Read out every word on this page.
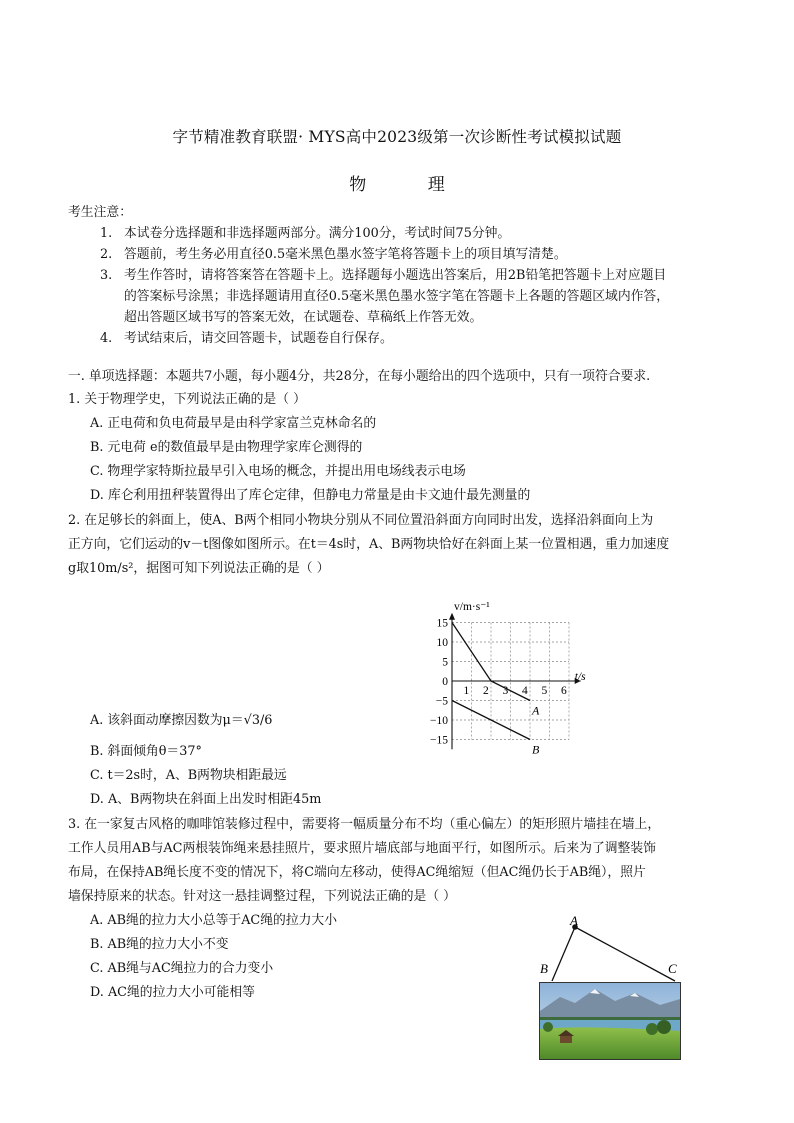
字节精准教育联盟· MYS高中2023级第一次诊断性考试模拟试题
物 理
考生注意：
1. 本试卷分选择题和非选择题两部分。满分100分，考试时间75分钟。
2. 答题前，考生务必用直径0.5毫米黑色墨水签字笔将答题卡上的项目填写清楚。
3. 考生作答时，请将答案答在答题卡上。选择题每小题选出答案后，用2B铅笔把答题卡上对应题目
的答案标号涂黑；非选择题请用直径0.5毫米黑色墨水签字笔在答题卡上各题的答题区域内作答，
超出答题区域书写的答案无效，在试题卷、草稿纸上作答无效。
4. 考试结束后，请交回答题卡，试题卷自行保存。
一. 单项选择题：本题共7小题，每小题4分，共28分，在每小题给出的四个选项中，只有一项符合要求.
1. 关于物理学史，下列说法正确的是（ ）
A. 正电荷和负电荷最早是由科学家富兰克林命名的
B. 元电荷 e的数值最早是由物理学家库仑测得的
C. 物理学家特斯拉最早引入电场的概念，并提出用电场线表示电场
D. 库仑利用扭秤装置得出了库仑定律，但静电力常量是由卡文迪什最先测量的
2. 在足够长的斜面上，使A、B两个相同小物块分别从不同位置沿斜面方向同时出发，选择沿斜面向上为
正方向，它们运动的v－t图像如图所示。在t＝4s时，A、B两物块恰好在斜面上某一位置相遇，重力加速度
g取10m/s²，据图可知下列说法正确的是（ ）
v/m·s⁻¹
t/s
1 2 3 4 5 6
15
10
5
0
−5
−10
−15
A
B
A. 该斜面动摩擦因数为μ＝√3/6
B. 斜面倾角θ＝37°
C. t＝2s时，A、B两物块相距最远
D. A、B两物块在斜面上出发时相距45m
3. 在一家复古风格的咖啡馆装修过程中，需要将一幅质量分布不均（重心偏左）的矩形照片墙挂在墙上，
工作人员用AB与AC两根装饰绳来悬挂照片，要求照片墙底部与地面平行，如图所示。后来为了调整装饰
布局，在保持AB绳长度不变的情况下，将C端向左移动，使得AC绳缩短（但AC绳仍长于AB绳），照片
墙保持原来的状态。针对这一悬挂调整过程，下列说法正确的是（ ）
A. AB绳的拉力大小总等于AC绳的拉力大小
B. AB绳的拉力大小不变
C. AB绳与AC绳拉力的合力变小
D. AC绳的拉力大小可能相等
A
B	C
